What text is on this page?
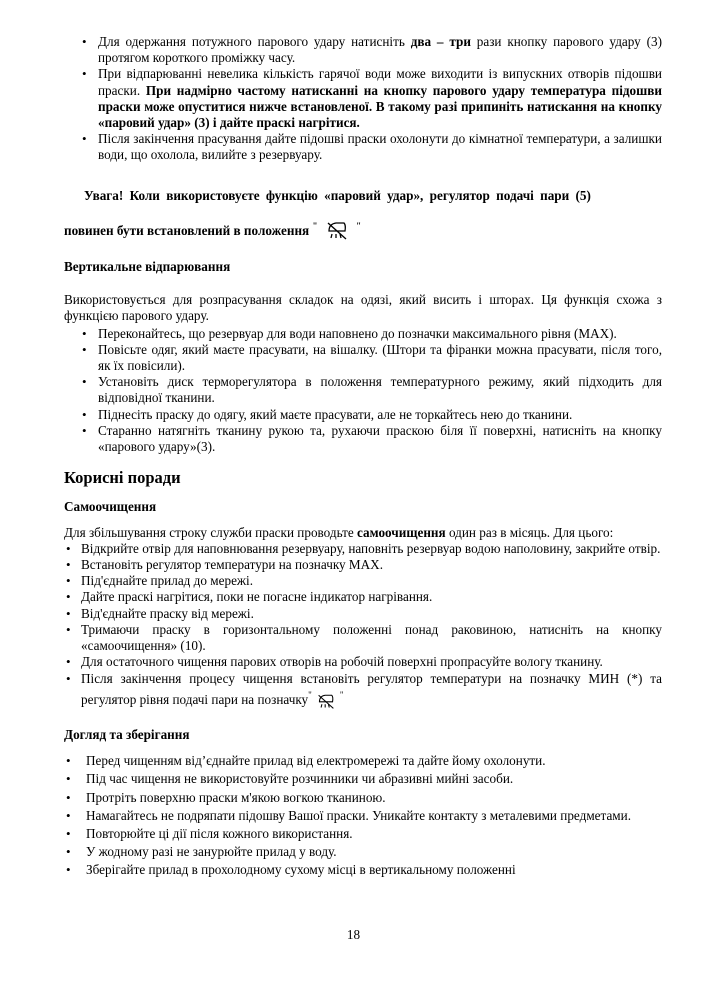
• Для одержання потужного парового удару натисніть два – три рази кнопку парового удару (3) протягом короткого проміжку часу.
• При відпарюванні невелика кількість гарячої води може виходити із випускних отворів підошви праски. При надмірно частому натисканні на кнопку парового удару температура підошви праски може опуститися нижче встановленої. В такому разі припиніть натискання на кнопку «паровий удар» (3) і дайте праскі нагрітися.
• Після закінчення прасування дайте підошві праски охолонути до кімнатної температури, а залишки води, що охолола, вилийте з резервуару.

Увага! Коли використовуєте функцію «паровий удар», регулятор подачі пари (5)

повинен бути встановлений в положення "	"

Вертикальне відпарювання

Використовується для розпрасування складок на одязі, який висить і шторах. Ця функція схожа з функцією парового удару.

• Переконайтесь, що резервуар для води наповнено до позначки максимального рівня (MAX).
• Повісьте одяг, який маєте прасувати, на вішалку. (Штори та фіранки можна прасувати, після того, як їх повісили).
• Установіть диск терморегулятора в положення температурного режиму, який підходить для відповідної тканини.
• Піднесіть праску до одягу, який маєте прасувати, але не торкайтесь нею до тканини.
• Старанно натягніть тканину рукою та, рухаючи праскою біля її поверхні, натисніть на кнопку «парового удару»(3).
Корисні поради
Самоочищення

Для збільшування строку служби праски проводьте самоочищення один раз в місяць. Для цього:

• Відкрийте отвір для наповнювання резервуару, наповніть резервуар водою наполовину, закрийте отвір.
• Встановіть регулятор температури на позначку MAX.
• Під'єднайте прилад до мережі.
• Дайте праскі нагрітися, поки не погасне індикатор нагрівання.
• Від'єднайте праску від мережі.
• Тримаючи праску в горизонтальному положенні понад раковиною, натисніть на кнопку «самоочищення» (10).
• Для остаточного чищення парових отворів на робочій поверхні пропрасуйте вологу тканину.
• Після закінчення процесу чищення встановіть регулятор температури на позначку МИН (*) та регулятор рівня подачі пари на позначку"	"
Догляд та зберігання
• Перед чищенням від’єднайте прилад від електромережі та дайте йому охолонути.
• Під час чищення не використовуйте розчинники чи абразивні мийні засоби.
• Протріть поверхню праски м'якою вогкою тканиною.
• Намагайтесь не подряпати підошву Вашої праски. Уникайте контакту з металевими предметами.
• Повторюйте ці дії після кожного використання.
• У жодному разі не занурюйте прилад у воду.
• Зберігайте прилад в прохолодному сухому місці в вертикальному положенні
18
